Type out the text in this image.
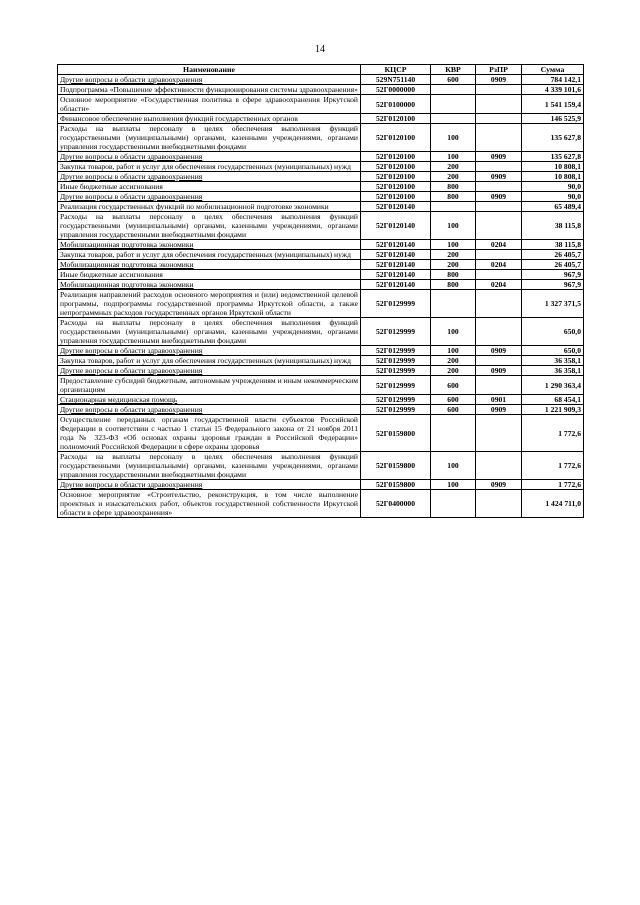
14
Наименование	КЦСР	КВР	РзПР	Сумма
Другие вопросы в области здравоохранения	529N751140	600	0909	784 142,1
Подпрограмма «Повышение эффективности функционирования системы здравоохранения»	52Г0000000			4 339 101,6
Основное мероприятие «Государственная политика в сфере здравоохранения Иркутской области»	52Г0100000			1 541 159,4
Финансовое обеспечение выполнения функций государственных органов	52Г0120100			146 525,9
Расходы на выплаты персоналу в целях обеспечения выполнения функций государственными (муниципальными) органами, казенными учреждениями, органами управления государственными внебюджетными фондами	52Г0120100	100		135 627,8
Другие вопросы в области здравоохранения	52Г0120100	100	0909	135 627,8
Закупка товаров, работ и услуг для обеспечения государственных (муниципальных) нужд	52Г0120100	200		10 808,1
Другие вопросы в области здравоохранения	52Г0120100	200	0909	10 808,1
Иные бюджетные ассигнования	52Г0120100	800		90,0
Другие вопросы в области здравоохранения	52Г0120100	800	0909	90,0
Реализация государственных функций по мобилизационной подготовке экономики	52Г0120140			65 489,4
Расходы на выплаты персоналу в целях обеспечения выполнения функций государственными (муниципальными) органами, казенными учреждениями, органами управления государственными внебюджетными фондами	52Г0120140	100		38 115,8
Мобилизационная подготовка экономики	52Г0120140	100	0204	38 115,8
Закупка товаров, работ и услуг для обеспечения государственных (муниципальных) нужд	52Г0120140	200		26 405,7
Мобилизационная подготовка экономики	52Г0120140	200	0204	26 405,7
Иные бюджетные ассигнования	52Г0120140	800		967,9
Мобилизационная подготовка экономики	52Г0120140	800	0204	967,9
Реализация направлений расходов основного мероприятия и (или) ведомственной целевой программы, подпрограммы государственной программы Иркутской области, а также непрограммных расходов государственных органов Иркутской области	52Г0129999			1 327 371,5
Расходы на выплаты персоналу в целях обеспечения выполнения функций государственными (муниципальными) органами, казенными учреждениями, органами управления государственными внебюджетными фондами	52Г0129999	100		650,0
Другие вопросы в области здравоохранения	52Г0129999	100	0909	650,0
Закупка товаров, работ и услуг для обеспечения государственных (муниципальных) нужд	52Г0129999	200		36 358,1
Другие вопросы в области здравоохранения	52Г0129999	200	0909	36 358,1
Предоставление субсидий бюджетным, автономным учреждениям и иным некоммерческим организациям	52Г0129999	600		1 290 363,4
Стационарная медицинская помощь	52Г0129999	600	0901	68 454,1
Другие вопросы в области здравоохранения	52Г0129999	600	0909	1 221 909,3
Осуществление переданных органам государственной власти субъектов Российской Федерации в соответствии с частью 1 статьи 15 Федерального закона от 21 ноября 2011 года № 323-ФЗ «Об основах охраны здоровья граждан в Российской Федерации» полномочий Российской Федерации в сфере охраны здоровья	52Г0159800			1 772,6
Расходы на выплаты персоналу в целях обеспечения выполнения функций государственными (муниципальными) органами, казенными учреждениями, органами управления государственными внебюджетными фондами	52Г0159800	100		1 772,6
Другие вопросы в области здравоохранения	52Г0159800	100	0909	1 772,6
Основное мероприятие «Строительство, реконструкция, в том числе выполнение проектных и изыскательских работ, объектов государственной собственности Иркутской области в сфере здравоохранения»	52Г0400000			1 424 711,0
